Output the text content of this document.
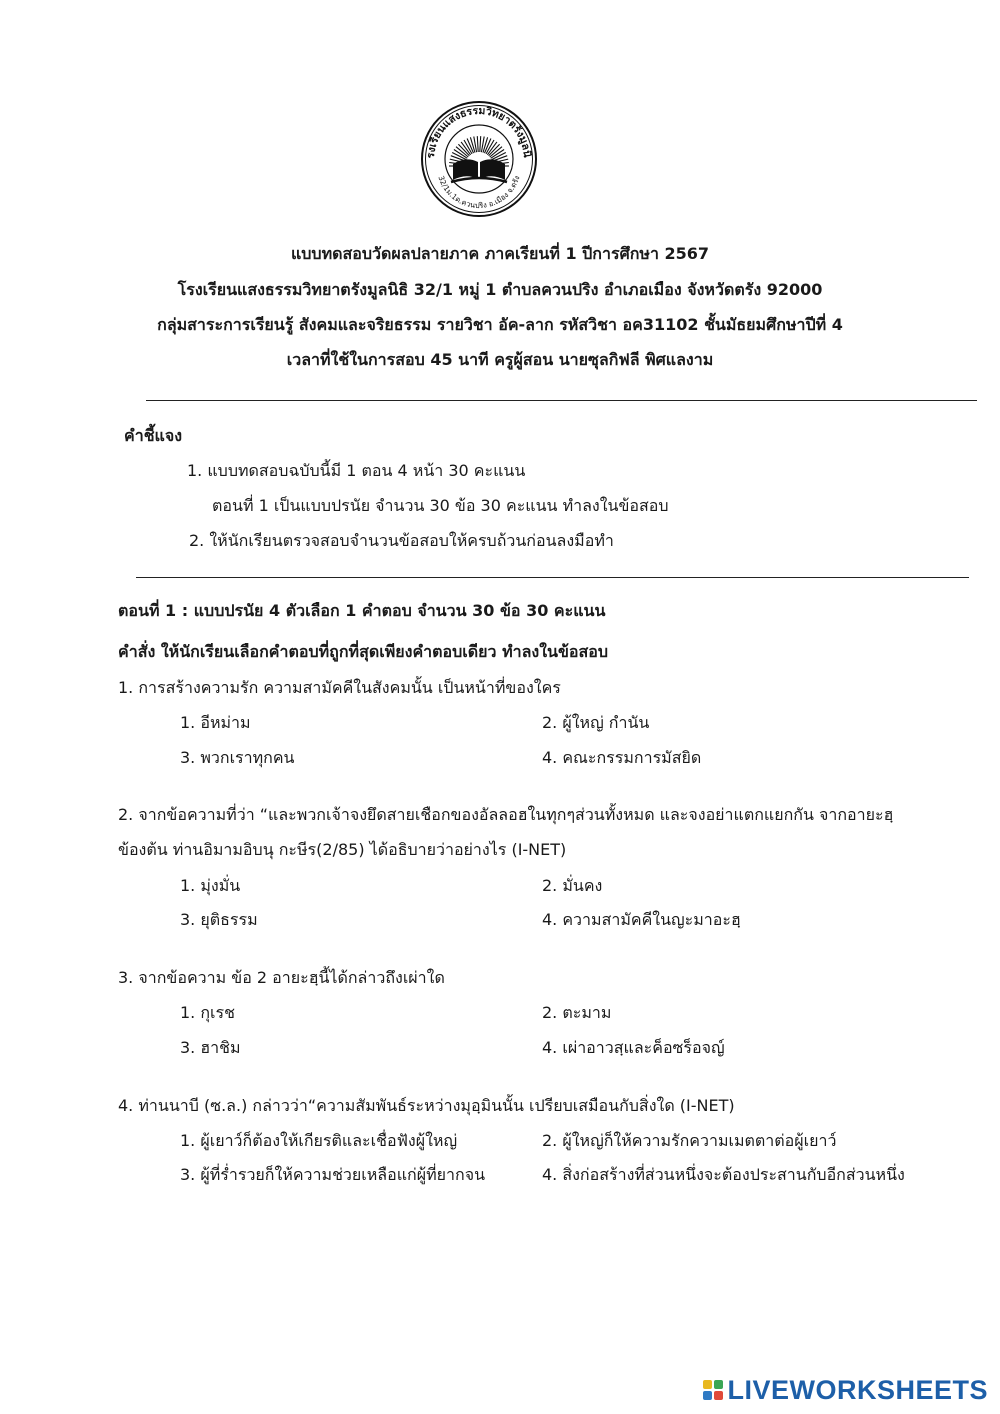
รงเรียนแสงธรรมวิทยาตรังมูลนิ
32/1ม.1ต.ควนปริง อ.เมือง จ.ตรัง
แบบทดสอบวัดผลปลายภาค ภาคเรียนที่ 1 ปีการศึกษา 2567
โรงเรียนแสงธรรมวิทยาตรังมูลนิธิ 32/1 หมู่ 1 ตำบลควนปริง อำเภอเมือง จังหวัดตรัง 92000
กลุ่มสาระการเรียนรู้ สังคมและจริยธรรม รายวิชา อัค-ลาก รหัสวิชา อค31102 ชั้นมัธยมศึกษาปีที่ 4
เวลาที่ใช้ในการสอบ 45 นาที ครูผู้สอน นายซุลกิฟลี พิศแลงาม
คำชี้แจง
1. แบบทดสอบฉบับนี้มี 1 ตอน 4 หน้า 30 คะแนน
ตอนที่ 1 เป็นแบบปรนัย จำนวน 30 ข้อ 30 คะแนน ทำลงในข้อสอบ
2. ให้นักเรียนตรวจสอบจำนวนข้อสอบให้ครบถ้วนก่อนลงมือทำ
ตอนที่ 1 : แบบปรนัย 4 ตัวเลือก 1 คำตอบ จำนวน 30 ข้อ 30 คะแนน
คำสั่ง ให้นักเรียนเลือกคำตอบที่ถูกที่สุดเพียงคำตอบเดียว ทำลงในข้อสอบ
1. การสร้างความรัก ความสามัคคีในสังคมนั้น เป็นหน้าที่ของใคร
1. อีหม่าม	2. ผู้ใหญ่ กำนัน
3. พวกเราทุกคน	4. คณะกรรมการมัสยิด
2. จากข้อความที่ว่า “และพวกเจ้าจงยึดสายเชือกของอัลลอฮในทุกๆส่วนทั้งหมด และจงอย่าแตกแยกกัน จากอายะฮฺ
ข้องต้น ท่านอิมามอิบนุ กะษีร(2/85) ได้อธิบายว่าอย่างไร (I-NET)
1. มุ่งมั่น	2. มั่นคง
3. ยุติธรรม	4. ความสามัคคีในญะมาอะฮฺ
3. จากข้อความ ข้อ 2 อายะฮฺนี้ได้กล่าวถึงเผ่าใด
1. กุเรช	2. ตะมาม
3. ฮาชิม	4. เผ่าอาวสฺและค็อซร็อจญ์
4. ท่านนาบี (ซ.ล.) กล่าวว่า“ความสัมพันธ์ระหว่างมุอฺมินนั้น เปรียบเสมือนกับสิ่งใด (I-NET)
1. ผู้เยาว์ก็ต้องให้เกียรติและเชื่อฟังผู้ใหญ่	2. ผู้ใหญ่ก็ให้ความรักความเมตตาต่อผู้เยาว์
3. ผู้ที่ร่ำรวยก็ให้ความช่วยเหลือแก่ผู้ที่ยากจน	4. สิ่งก่อสร้างที่ส่วนหนึ่งจะต้องประสานกับอีกส่วนหนึ่ง
LIVEWORKSHEETS
